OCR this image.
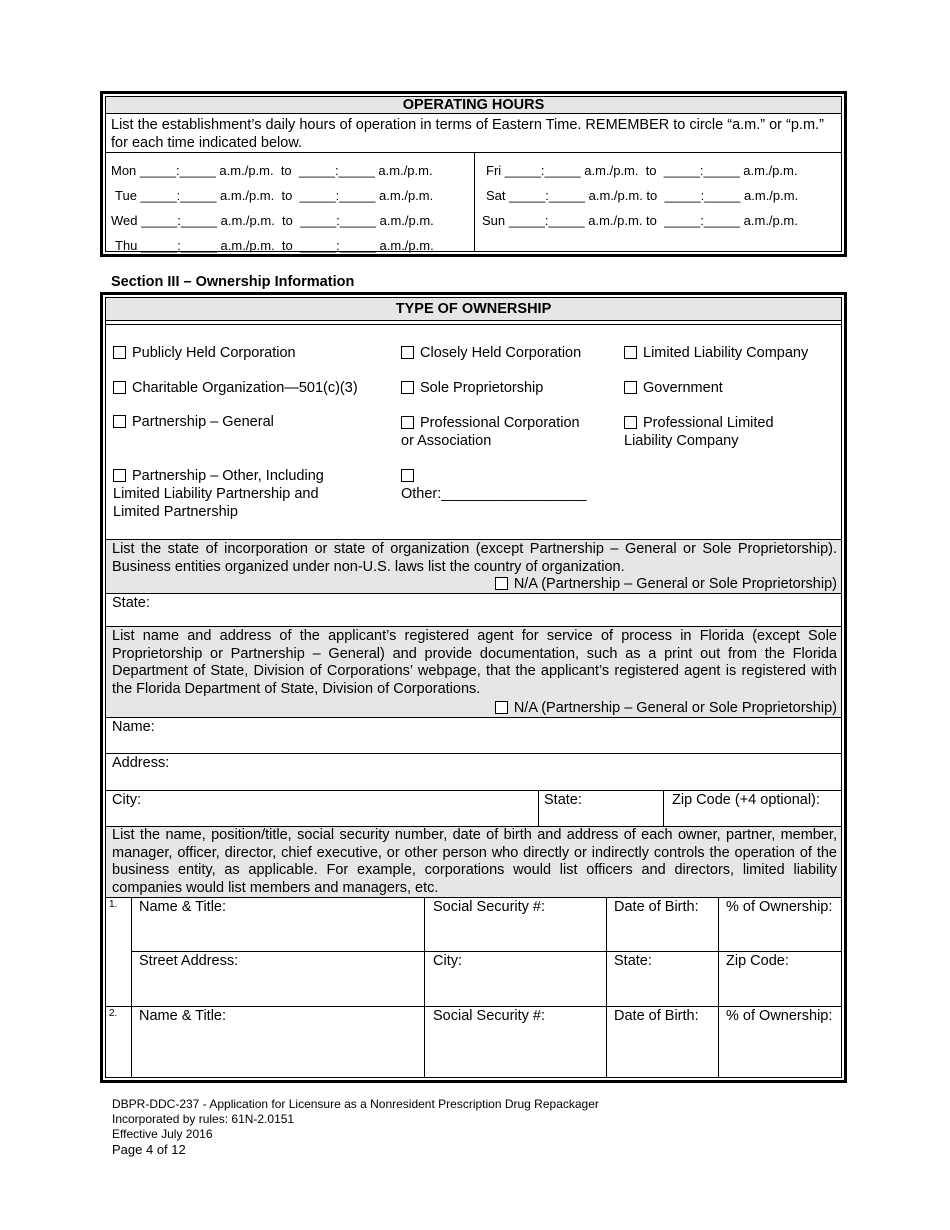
OPERATING HOURS
List the establishment’s daily hours of operation in terms of Eastern Time. REMEMBER to circle “a.m.” or “p.m.” for each time indicated below.
Mon _____:_____ a.m./p.m.  to  _____:_____ a.m./p.m.
Tue _____:_____ a.m./p.m.  to  _____:_____ a.m./p.m.
Wed _____:_____ a.m./p.m.  to  _____:_____ a.m./p.m.
Thu _____:_____ a.m./p.m.  to  _____:_____ a.m./p.m.
Fri _____:_____ a.m./p.m.  to  _____:_____ a.m./p.m.
Sat _____:_____ a.m./p.m. to  _____:_____ a.m./p.m.
Sun _____:_____ a.m./p.m. to  _____:_____ a.m./p.m.
Section III – Ownership Information
TYPE OF OWNERSHIP
Publicly Held Corporation	Closely Held Corporation	Limited Liability Company
Charitable Organization—501(c)(3)	Sole Proprietorship	Government
Partnership – General	Professional Corporation
or Association
Professional Limited
Liability Company
Partnership – Other, Including
Limited Liability Partnership and
Limited Partnership
Other:__________________
List the state of incorporation or state of organization (except Partnership – General or Sole Proprietorship). Business entities organized under non-U.S. laws list the country of organization.
N/A (Partnership – General or Sole Proprietorship)
State:
List name and address of the applicant’s registered agent for service of process in Florida (except Sole Proprietorship or Partnership – General) and provide documentation, such as a print out from the Florida Department of State, Division of Corporations’ webpage, that the applicant’s registered agent is registered with the Florida Department of State, Division of Corporations.
N/A (Partnership – General or Sole Proprietorship)
Name:
Address:
City:	State:	Zip Code (+4 optional):
List the name, position/title, social security number, date of birth and address of each owner, partner, member, manager, officer, director, chief executive, or other person who directly or indirectly controls the operation of the business entity, as applicable. For example, corporations would list officers and directors, limited liability companies would list members and managers, etc.
1. Name & Title:	Social Security #:	Date of Birth: % of Ownership:
Street Address:	City:	State:	Zip Code:
2. Name & Title:	Social Security #:	Date of Birth: % of Ownership:
DBPR-DDC-237 - Application for Licensure as a Nonresident Prescription Drug Repackager
Incorporated by rules: 61N-2.0151
Effective July 2016
Page 4 of 12
